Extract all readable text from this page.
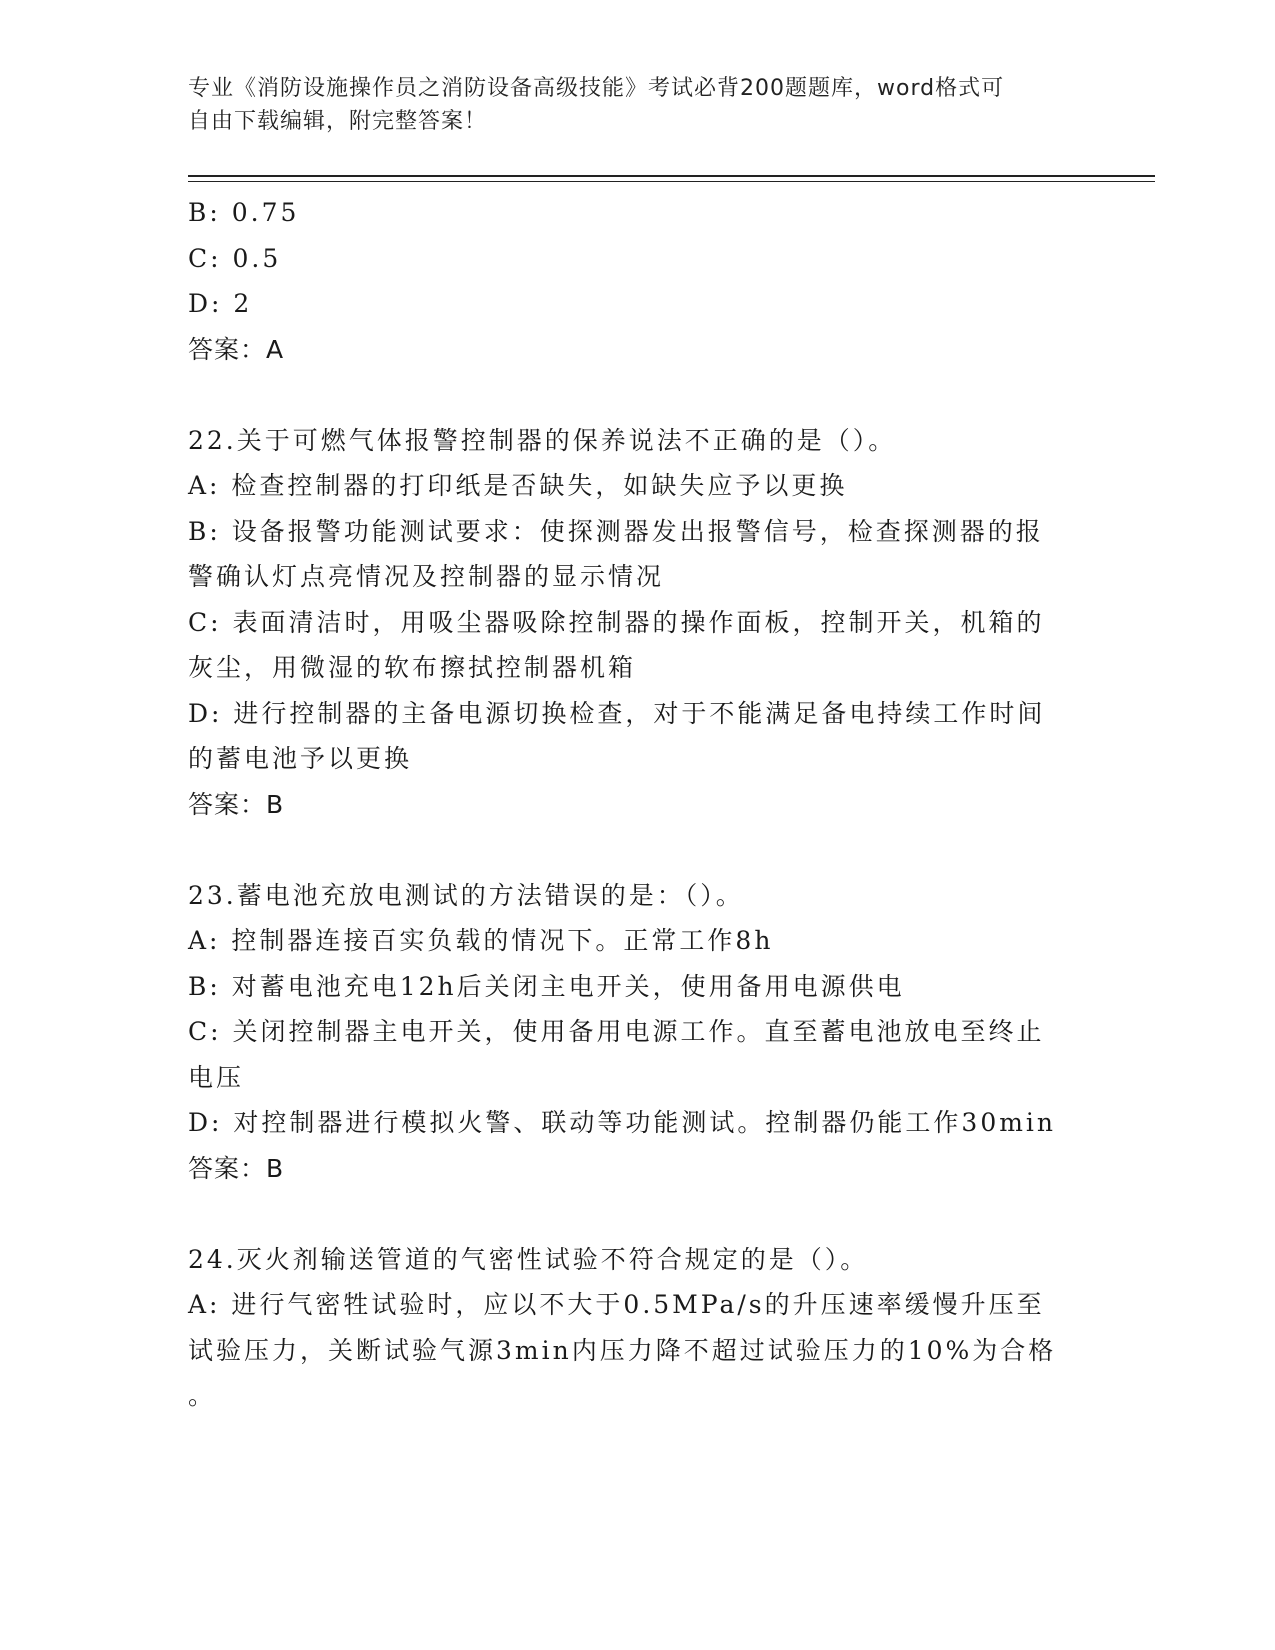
专业《消防设施操作员之消防设备高级技能》考试必背200题题库，word格式可
自由下载编辑，附完整答案！
B: 0.75
C: 0.5
D: 2
答案：A
22.关于可燃气体报警控制器的保养说法不正确的是（）。
A: 检查控制器的打印纸是否缺失，如缺失应予以更换
B: 设备报警功能测试要求：使探测器发出报警信号，检查探测器的报
警确认灯点亮情况及控制器的显示情况
C: 表面清洁时，用吸尘器吸除控制器的操作面板，控制开关，机箱的
灰尘，用微湿的软布擦拭控制器机箱
D: 进行控制器的主备电源切换检查，对于不能满足备电持续工作时间
的蓄电池予以更换
答案：B
23.蓄电池充放电测试的方法错误的是：（）。
A: 控制器连接百实负载的情况下。正常工作8h
B: 对蓄电池充电12h后关闭主电开关，使用备用电源供电
C: 关闭控制器主电开关，使用备用电源工作。直至蓄电池放电至终止
电压
D: 对控制器进行模拟火警、联动等功能测试。控制器仍能工作30min
答案：B
24.灭火剂输送管道的气密性试验不符合规定的是（）。
A: 进行气密牲试验时，应以不大于0.5MPa/s的升压速率缓慢升压至
试验压力，关断试验气源3min内压力降不超过试验压力的10%为合格
。
